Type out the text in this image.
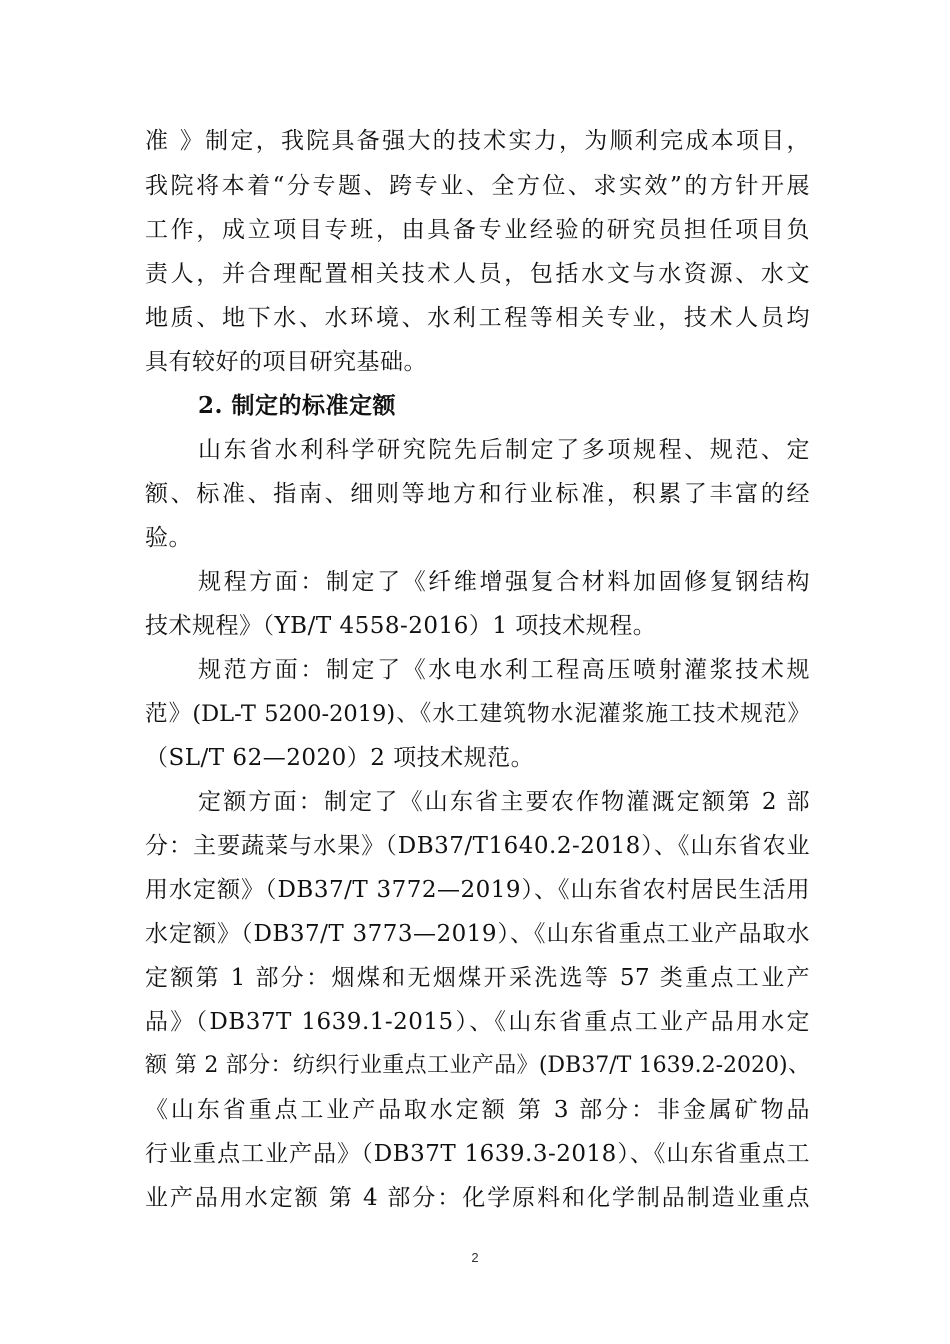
准 》制定，我院具备强大的技术实力，为顺利完成本项目，
我院将本着“分专题、跨专业、全方位、求实效”的方针开展
工作，成立项目专班，由具备专业经验的研究员担任项目负
责人，并合理配置相关技术人员，包括水文与水资源、水文
地质、地下水、水环境、水利工程等相关专业，技术人员均
具有较好的项目研究基础。
2. 制定的标准定额
山东省水利科学研究院先后制定了多项规程、规范、定
额、标准、指南、细则等地方和行业标准，积累了丰富的经
验。
规程方面：制定了《纤维增强复合材料加固修复钢结构
技术规程》（YB/T 4558-2016）1 项技术规程。
规范方面：制定了《水电水利工程高压喷射灌浆技术规
范》(DL-T 5200-2019)、《水工建筑物水泥灌浆施工技术规范》
（SL/T 62—2020）2 项技术规范。
定额方面：制定了《山东省主要农作物灌溉定额第 2 部
分：主要蔬菜与水果》（DB37/T1640.2-2018）、《山东省农业
用水定额》（DB37/T 3772—2019）、《山东省农村居民生活用
水定额》（DB37/T 3773—2019）、《山东省重点工业产品取水
定额第 1 部分：烟煤和无烟煤开采洗选等 57 类重点工业产
品》（DB37T 1639.1-2015）、《山东省重点工业产品用水定
额 第 2 部分：纺织行业重点工业产品》(DB37/T 1639.2-2020)、
《山东省重点工业产品取水定额 第 3 部分：非金属矿物品
行业重点工业产品》（DB37T 1639.3-2018）、《山东省重点工
业产品用水定额 第 4 部分：化学原料和化学制品制造业重点
2
